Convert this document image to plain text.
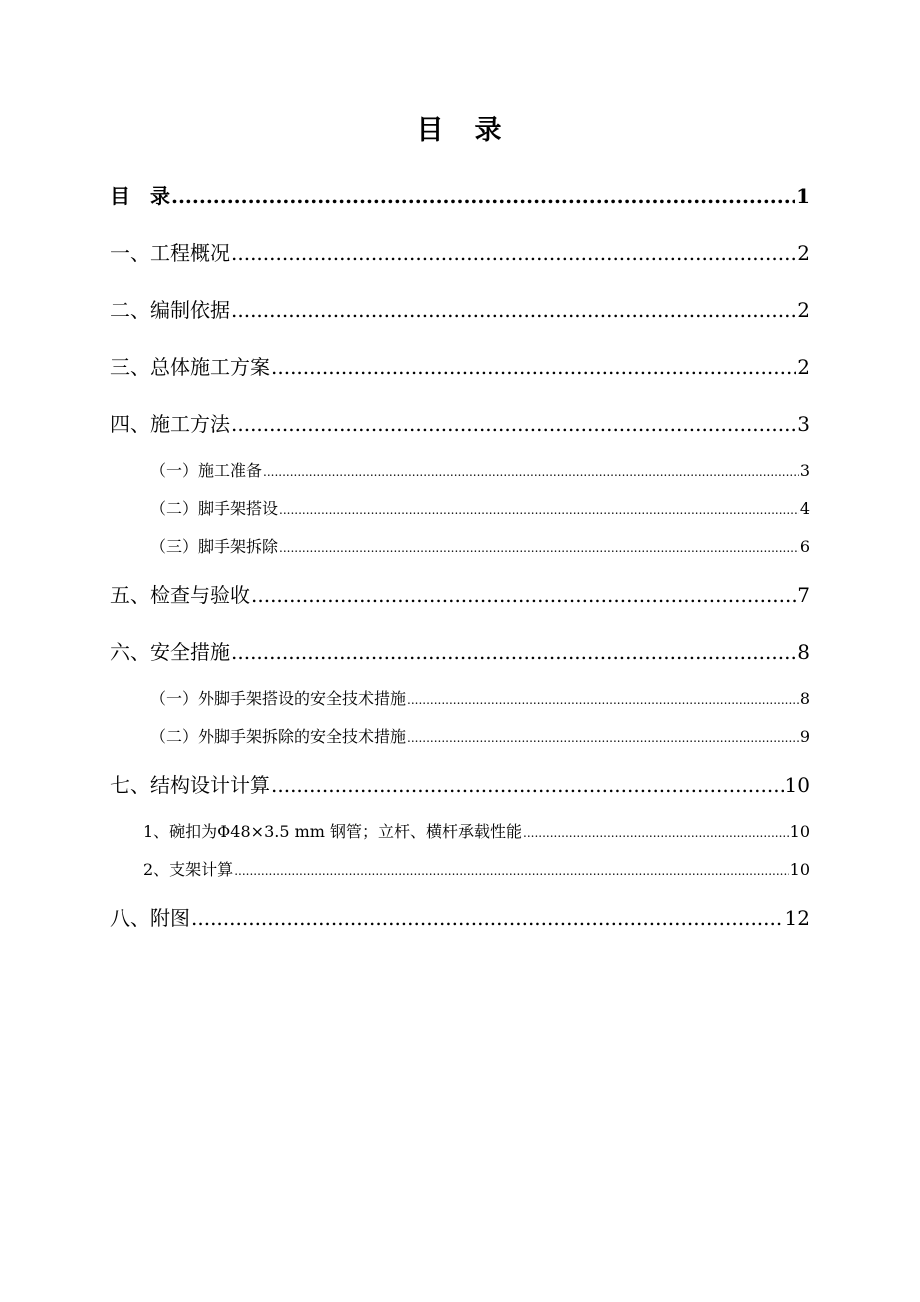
目　录
目　录 .....	1
一、工程概况 .....	2
二、编制依据 .....	2
三、总体施工方案 .....	2
四、施工方法 .....	3
（一）施工准备 .....	3
（二）脚手架搭设 .....	4
（三）脚手架拆除 .....	6
五、检查与验收 .....	7
六、安全措施 .....	8
（一）外脚手架搭设的安全技术措施 .....	8
（二）外脚手架拆除的安全技术措施 .....	9
七、结构设计计算 .....	10
1、碗扣为Φ48×3.5 mm 钢管；立杆、横杆承载性能 .....	10
2、支架计算 .....	10
八、附图 .....	12
